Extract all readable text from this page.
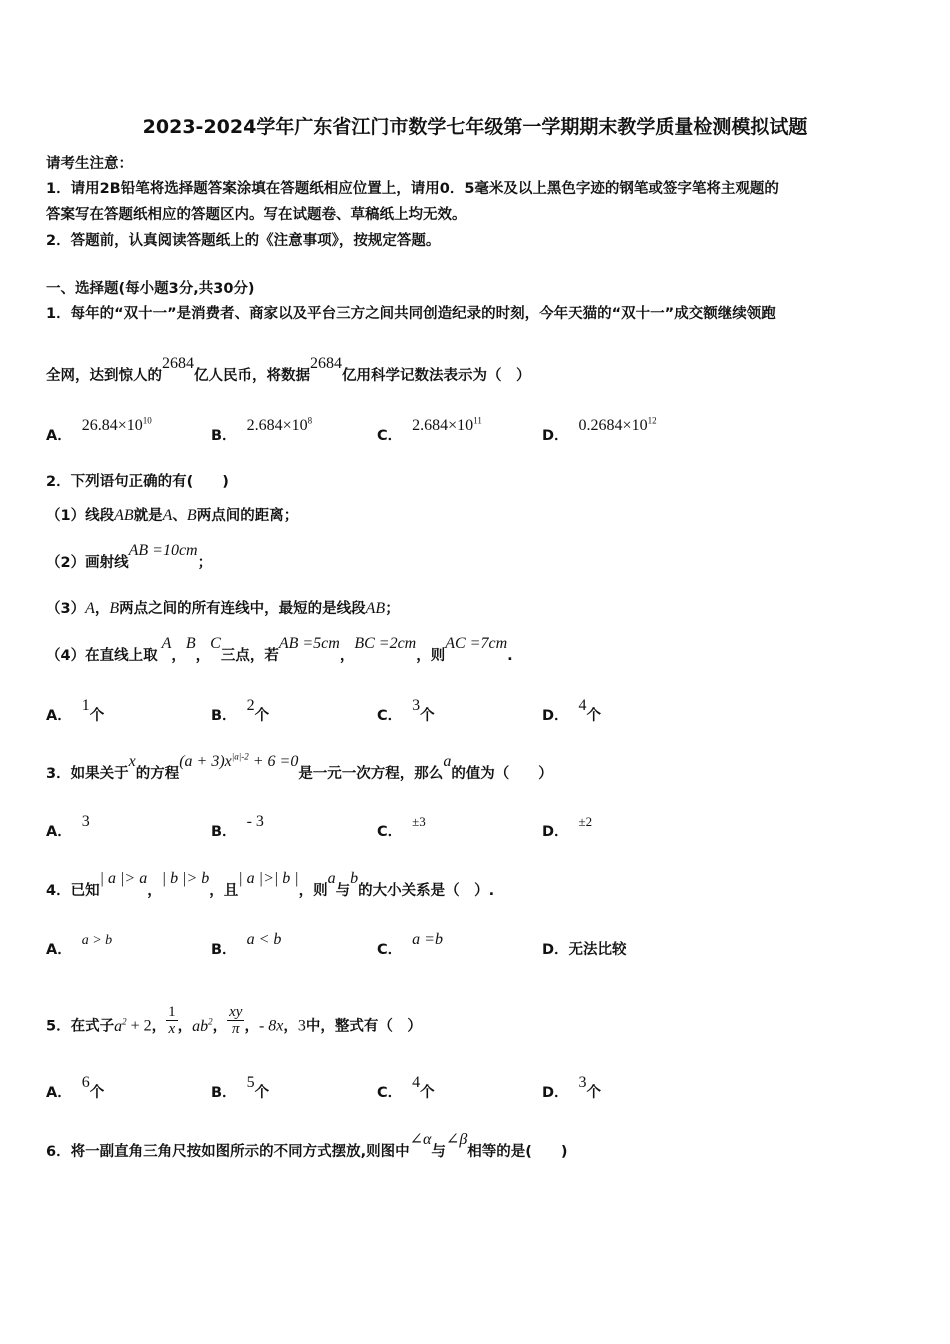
2023-2024学年广东省江门市数学七年级第一学期期末教学质量检测模拟试题
请考生注意：
1．请用2B铅笔将选择题答案涂填在答题纸相应位置上，请用0．5毫米及以上黑色字迹的钢笔或签字笔将主观题的
答案写在答题纸相应的答题区内。写在试题卷、草稿纸上均无效。
2．答题前，认真阅读答题纸上的《注意事项》，按规定答题。
一、选择题(每小题3分,共30分)
1．每年的“双十一”是消费者、商家以及平台三方之间共同创造纪录的时刻，今年天猫的“双十一”成交额继续领跑
全网，达到惊人的2684亿人民币，将数据2684亿用科学记数法表示为（　）
A．$26.84\times 10^{10}$
B．$2.684\times 10^8$
C．$2.684\times 10^{11}$
D．$0.2684\times 10^{12}$
2．下列语句正确的有(　　)
（1）线段AB就是A、B两点间的距离；
（2）画射线AB =10cm；
（3）A，B两点之间的所有连线中，最短的是线段AB；
（4）在直线上取 A，B，C三点，若AB =5cm，BC =2cm，则AC =7cm.
A．1个	B．2个	C．3个	D．4个
3．如果关于x的方程$(a + 3)x^{|a|-2} + 6 =0$是一元一次方程，那么a的值为（　　）
A．3
B．- 3
C．±3
D．±2
4．已知| a |> a，| b |> b，且| a |>| b |，则a与b的大小关系是（　）.
A．a > b
B．a < b
C．a =b
D．无法比较
5．在式子$a^2 + 2$， $\frac{1}{x}$ ，$ab^2$， $\frac{xy}{\pi}$ ，- 8x，3中，整式有（　）
A．6个	B．5个	C．4个	D．3个
6．将一副直角三角尺按如图所示的不同方式摆放,则图中∠α与∠β相等的是(　　)
